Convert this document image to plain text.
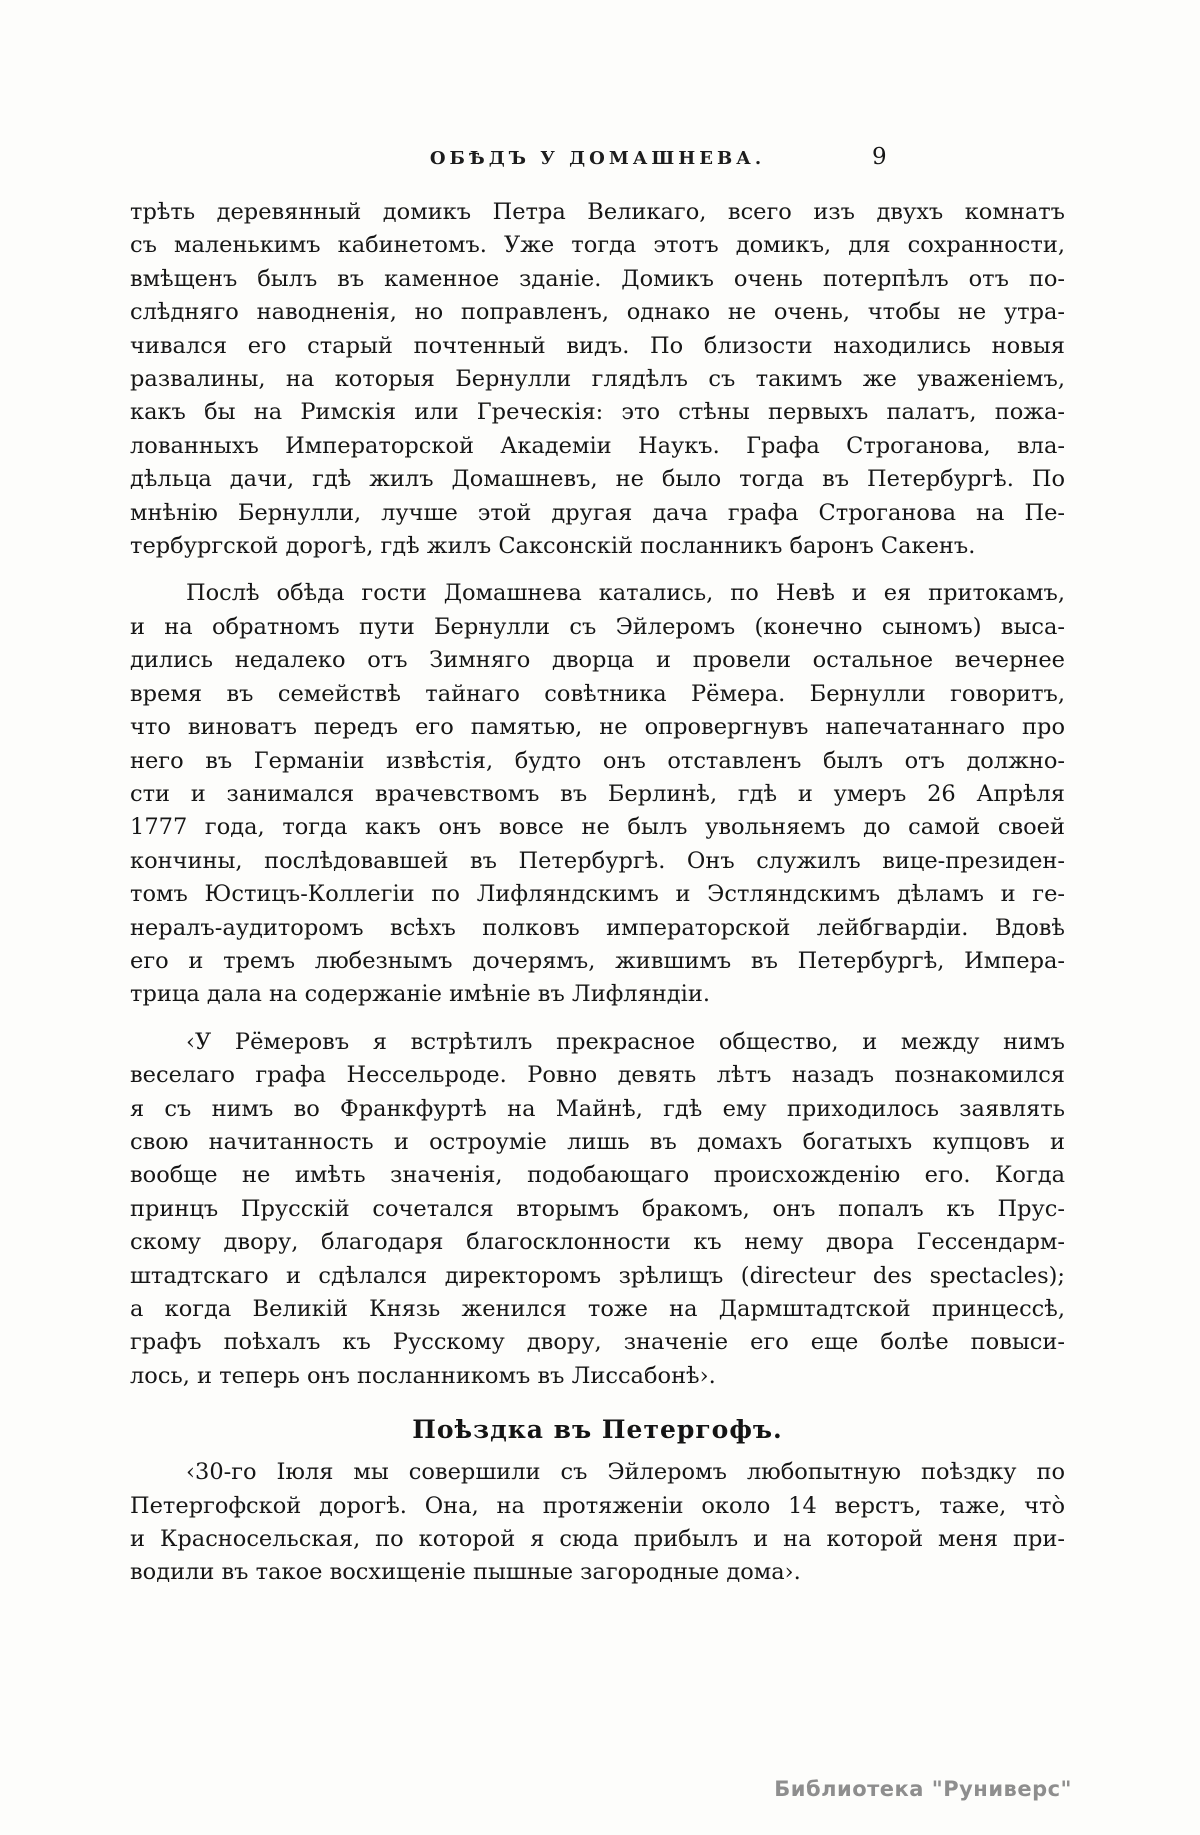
ОБѢДЪ У ДОМАШНЕВА.	9
трѣть деревянный домикъ Петра Великаго, всего изъ двухъ комнатъ
съ маленькимъ кабинетомъ. Уже тогда этотъ домикъ, для сохранности,
вмѣщенъ былъ въ каменное зданіе. Домикъ очень потерпѣлъ отъ по-
слѣдняго наводненія, но поправленъ, однако не очень, чтобы не утра-
чивался его старый почтенный видъ. По близости находились новыя
развалины, на которыя Бернулли глядѣлъ съ такимъ же уваженіемъ,
какъ бы на Римскія или Греческія: это стѣны первыхъ палатъ, пожа-
лованныхъ Императорской Академіи Наукъ. Графа Строганова, вла-
дѣльца дачи, гдѣ жилъ Домашневъ, не было тогда въ Петербургѣ. По
мнѣнію Бернулли, лучше этой другая дача графа Строганова на Пе-
тербургской дорогѣ, гдѣ жилъ Саксонскій посланникъ баронъ Сакенъ.
Послѣ обѣда гости Домашнева катались, по Невѣ и ея притокамъ,
и на обратномъ пути Бернулли съ Эйлеромъ (конечно сыномъ) выса-
дились недалеко отъ Зимняго дворца и провели остальное вечернее
время въ семействѣ тайнаго совѣтника Рёмера. Бернулли говоритъ,
что виноватъ передъ его памятью, не опровергнувъ напечатаннаго про
него въ Германіи извѣстія, будто онъ отставленъ былъ отъ должно-
сти и занимался врачевствомъ въ Берлинѣ, гдѣ и умеръ 26 Апрѣля
1777 года, тогда какъ онъ вовсе не былъ увольняемъ до самой своей
кончины, послѣдовавшей въ Петербургѣ. Онъ служилъ вице-президен-
томъ Юстицъ-Коллегіи по Лифляндскимъ и Эстляндскимъ дѣламъ и ге-
нералъ-аудиторомъ всѣхъ полковъ императорской лейбгвардіи. Вдовѣ
его и тремъ любезнымъ дочерямъ, жившимъ въ Петербургѣ, Импера-
трица дала на содержаніе имѣніе въ Лифляндіи.
‹У Рёмеровъ я встрѣтилъ прекрасное общество, и между нимъ
веселаго графа Нессельроде. Ровно девять лѣтъ назадъ познакомился
я съ нимъ во Франкфуртѣ на Майнѣ, гдѣ ему приходилось заявлять
свою начитанность и остроуміе лишь въ домахъ богатыхъ купцовъ и
вообще не имѣть значенія, подобающаго происхожденію его. Когда
принцъ Прусскій сочетался вторымъ бракомъ, онъ попалъ къ Прус-
скому двору, благодаря благосклонности къ нему двора Гессендарм-
штадтскаго и сдѣлался директоромъ зрѣлищъ (directeur des spectacles);
а когда Великій Князь женился тоже на Дармштадтской принцессѣ,
графъ поѣхалъ къ Русскому двору, значеніе его еще болѣе повыси-
лось, и теперь онъ посланникомъ въ Лиссабонѣ›.
Поѣздка въ Петергофъ.
‹30-го Іюля мы совершили съ Эйлеромъ любопытную поѣздку по
Петергофской дорогѣ. Она, на протяженіи около 14 верстъ, таже, чтò
и Красносельская, по которой я сюда прибылъ и на которой меня при-
водили въ такое восхищеніе пышные загородные дома›.
Библиотека "Руниверс"
